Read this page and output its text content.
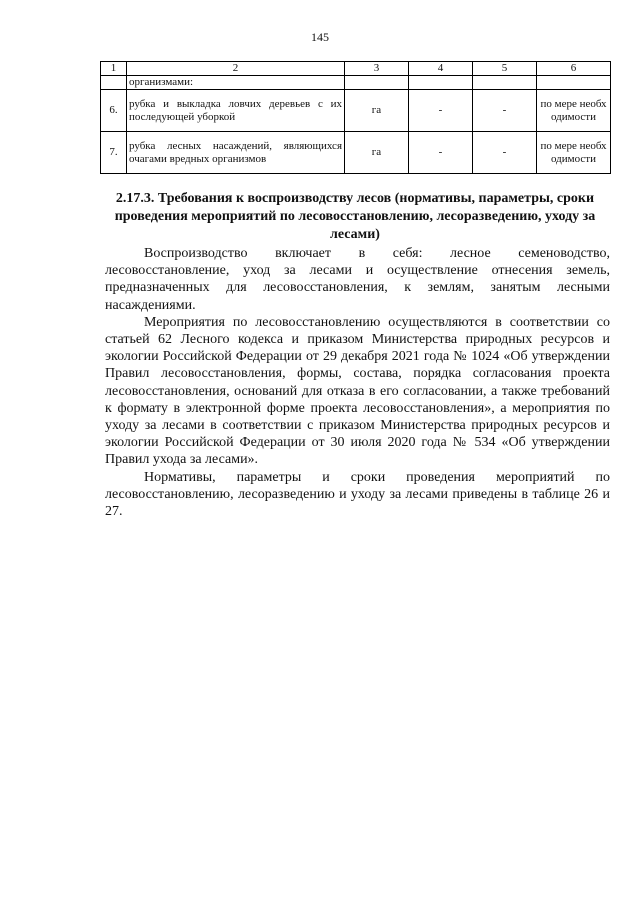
145
1	2	3	4	5	6
	организмами:				
6.	рубка и выкладка ловчих деревьев с их последующей уборкой	га	-	-	по мере необходимости
7.	рубка лесных насаждений, являющихся очагами вредных организмов	га	-	-	по мере необходимости
2.17.3. Требования к воспроизводству лесов (нормативы, параметры, сроки проведения мероприятий по лесовосстановлению, лесоразведению, уходу за лесами)

Воспроизводство включает в себя: лесное семеноводство, лесовосстановление, уход за лесами и осуществление отнесения земель, предназначенных для лесовосстановления, к землям, занятым лесными насаждениями.

Мероприятия по лесовосстановлению осуществляются в соответствии со статьей 62 Лесного кодекса и приказом Министерства природных ресурсов и экологии Российской Федерации от 29 декабря 2021 года № 1024 «Об утверждении Правил лесовосстановления, формы, состава, порядка согласования проекта лесовосстановления, оснований для отказа в его согласовании, а также требований к формату в электронной форме проекта лесовосстановления», а мероприятия по уходу за лесами в соответствии с приказом Министерства природных ресурсов и экологии Российской Федерации от 30 июля 2020 года № 534 «Об утверждении Правил ухода за лесами».

Нормативы, параметры и сроки проведения мероприятий по лесовосстановлению, лесоразведению и уходу за лесами приведены в таблице 26 и 27.
